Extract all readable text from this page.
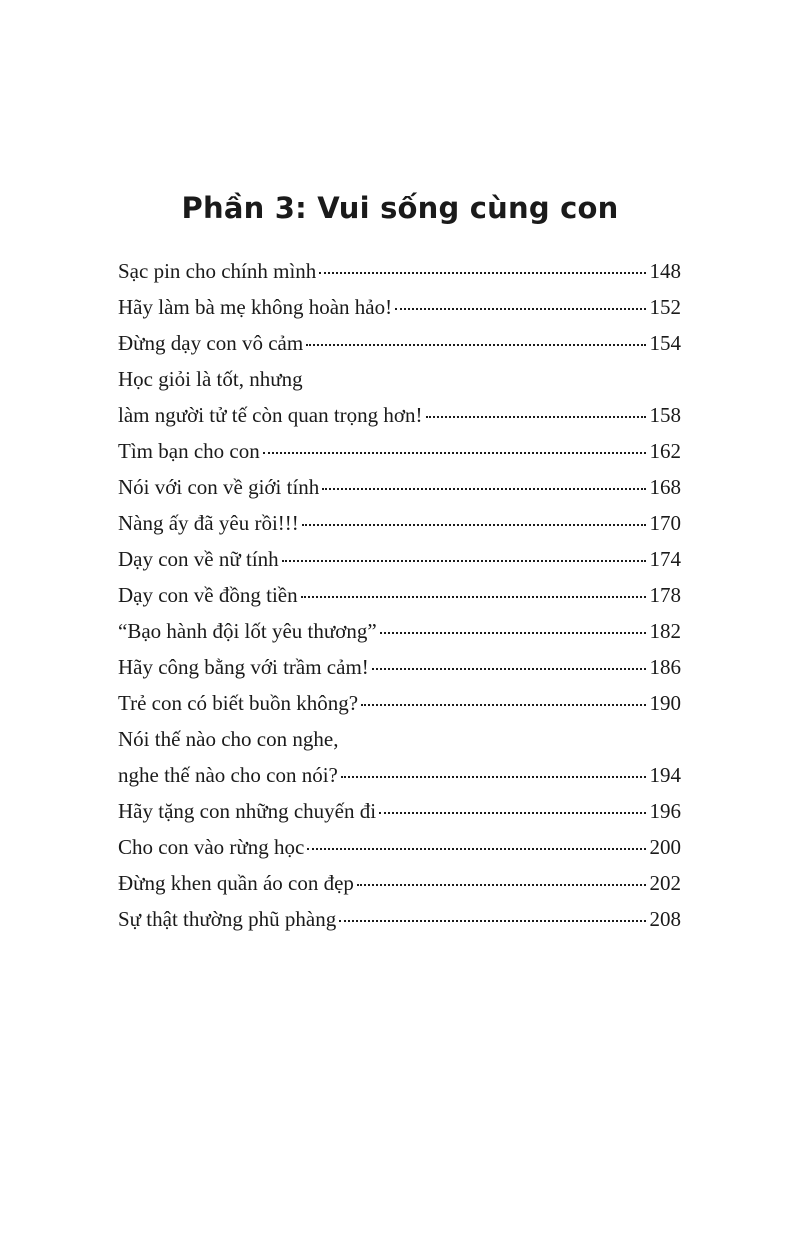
Phần 3: Vui sống cùng con
Sạc pin cho chính mình	148
Hãy làm bà mẹ không hoàn hảo!	152
Đừng dạy con vô cảm	154
Học giỏi là tốt, nhưng
làm người tử tế còn quan trọng hơn!	158
Tìm bạn cho con	162
Nói với con về giới tính	168
Nàng ấy đã yêu rồi!!!	170
Dạy con về nữ tính	174
Dạy con về đồng tiền	178
“Bạo hành đội lốt yêu thương”	182
Hãy công bằng với trầm cảm!	186
Trẻ con có biết buồn không?	190
Nói thế nào cho con nghe,
nghe thế nào cho con nói?	194
Hãy tặng con những chuyến đi	196
Cho con vào rừng học	200
Đừng khen quần áo con đẹp	202
Sự thật thường phũ phàng	208
